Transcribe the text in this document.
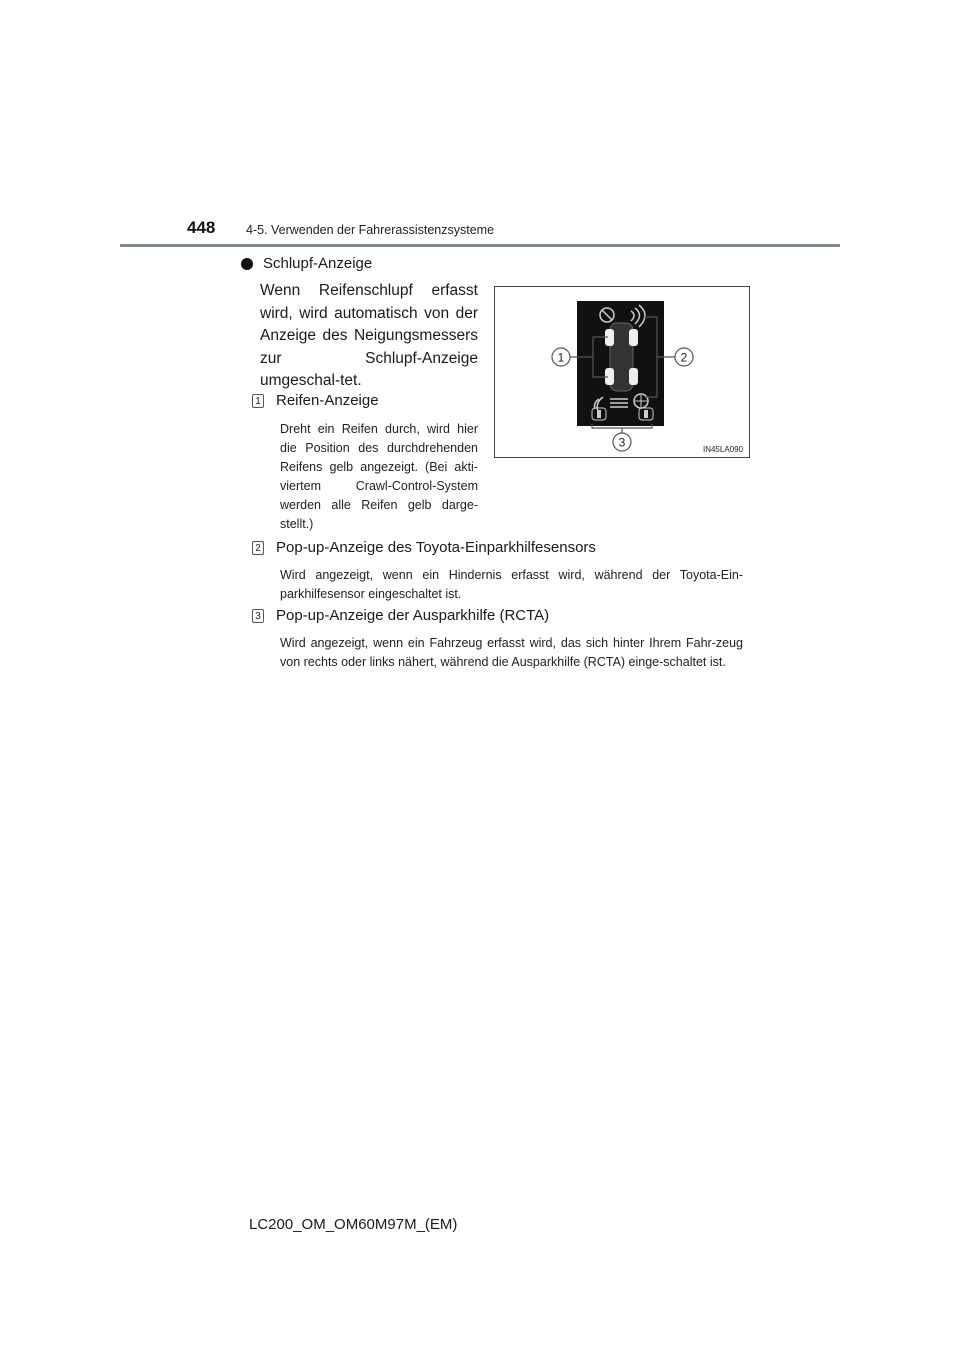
448 4-5. Verwenden der Fahrerassistenzsysteme
Schlupf-Anzeige
Wenn Reifenschlupf erfasst wird, wird automatisch von der Anzeige des Neigungsmessers zur Schlupf-Anzeige umgeschal-tet.
1 Reifen-Anzeige
Dreht ein Reifen durch, wird hier die Position des durchdrehenden Reifens gelb angezeigt. (Bei akti-viertem Crawl-Control-System werden alle Reifen gelb darge-stellt.)
2 Pop-up-Anzeige des Toyota-Einparkhilfesensors
Wird angezeigt, wenn ein Hindernis erfasst wird, während der Toyota-Ein-parkhilfesensor eingeschaltet ist.
3 Pop-up-Anzeige der Ausparkhilfe (RCTA)
Wird angezeigt, wenn ein Fahrzeug erfasst wird, das sich hinter Ihrem Fahr-zeug von rechts oder links nähert, während die Ausparkhilfe (RCTA) einge-schaltet ist.
1	2
3	IN45LA090
LC200_OM_OM60M97M_(EM)
